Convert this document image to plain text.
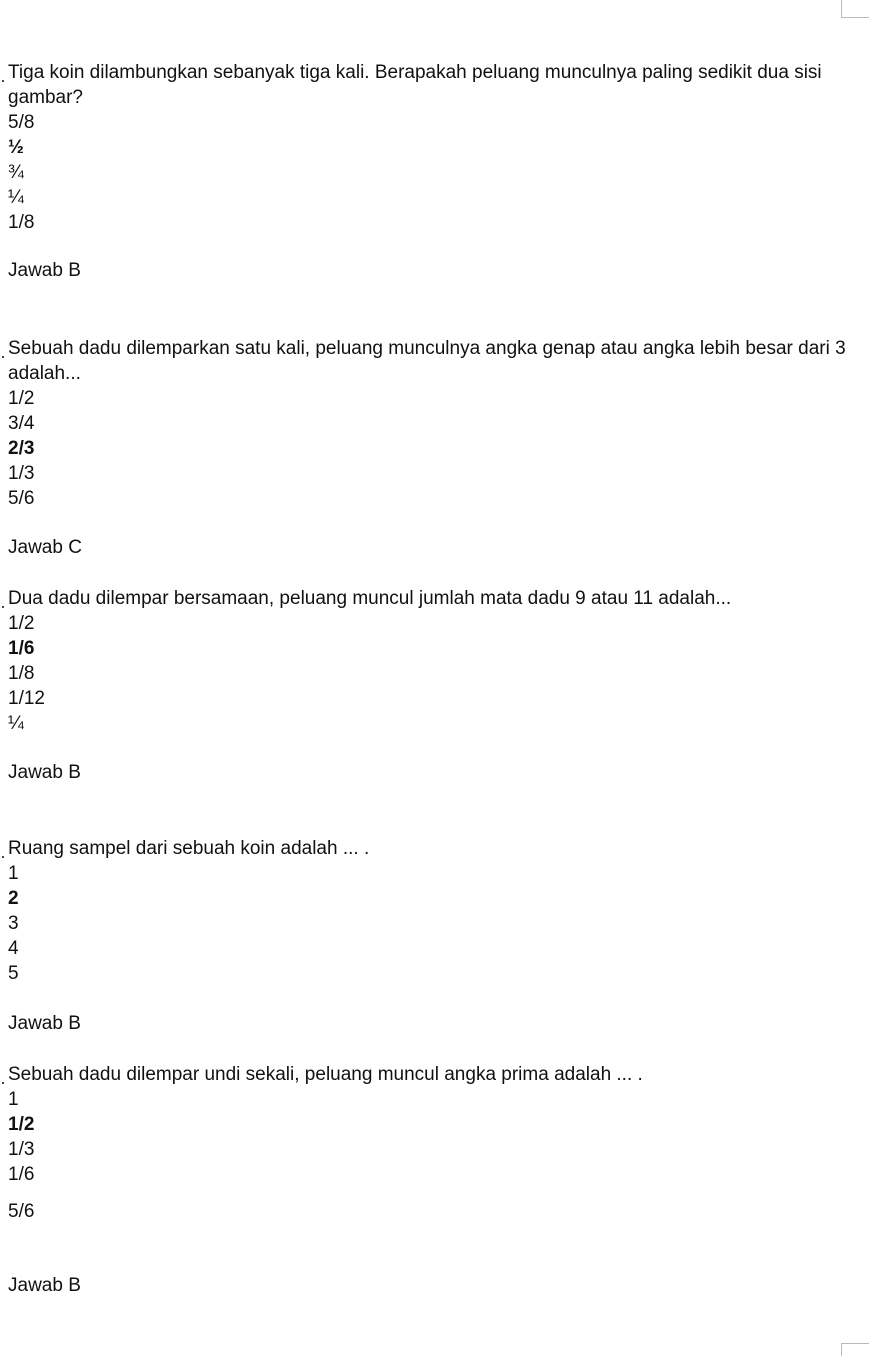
Tiga koin dilambungkan sebanyak tiga kali. Berapakah peluang munculnya paling sedikit dua sisi gambar?
5/8
½
¾
¼
1/8
Jawab B
Sebuah dadu dilemparkan satu kali, peluang munculnya angka genap atau angka lebih besar dari 3 adalah...
1/2
3/4
2/3
1/3
5/6
Jawab C
Dua dadu dilempar bersamaan, peluang muncul jumlah mata dadu 9 atau 11 adalah...
1/2
1/6
1/8
1/12
¼
Jawab B
Ruang sampel dari sebuah koin adalah ... .
1
2
3
4
5
Jawab B
Sebuah dadu dilempar undi sekali, peluang muncul angka prima adalah ... .
1
1/2
1/3
1/6
5/6
Jawab B
